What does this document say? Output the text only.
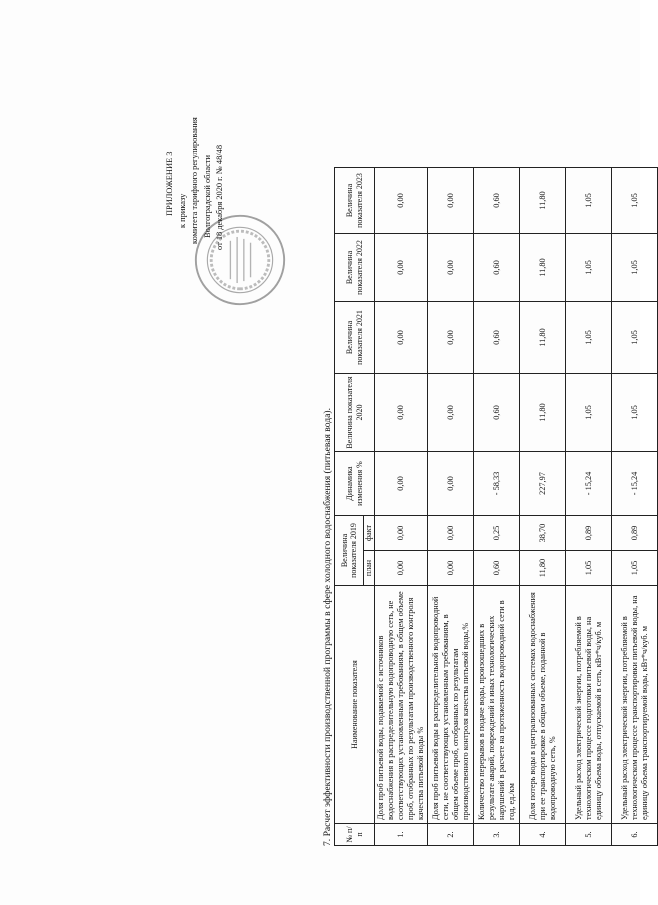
ПРИЛОЖЕНИЕ 3 к приказу комитета тарифного регулирования Волгоградской области от 18 декабря 2020 г. № 48/48
7. Расчет эффективности производственной программы в сфере холодного водоснабжения (питьевая вода). № п/п	Наименование показателя	Величина показателя 2019		Динамика изменения %	Величина показателя 2020	Величина показателя 2021	Величина показателя 2022	Величина показателя 2023
		план	факт					
1.	Доля проб питьевой воды, подаваемой с источников водоснабжения в распределительную водопроводную сеть, не соответствующих установленным требованиям, в общем объеме проб, отобранных по результатам производственного контроля качества питьевой воды %	0,00	0,00	0,00	0,00	0,00	0,00	0,00
2.	Доля проб питьевой воды в распределительной водопроводной сети, не соответствующих установленным требованиям, в общем объеме проб, отобранных по результатам производственного контроля качества питьевой воды,%	0,00	0,00	0,00	0,00	0,00	0,00	0,00
3.	Количество перерывов в подаче воды, произошедших в результате аварий, повреждений и иных технологических нарушений в расчете на протяженность водопроводной сети в год, ед./км	0,60	0,25	- 58,33	0,60	0,60	0,60	0,60
4.	Доля потерь воды в централизованных системах водоснабжения при ее транспортировке в общем объеме, поданной в водопроводную сеть, %	11,80	38,70	227,97	11,80	11,80	11,80	11,80
5.	Удельный расход электрической энергии, потребляемой в технологическом процессе подготовки питьевой воды, на единицу объема воды, отпускаемой в сеть, кВт*ч/куб. м	1,05	0,89	- 15,24	1,05	1,05	1,05	1,05
6.	Удельный расход электрической энергии, потребляемой в технологическом процессе транспортировки питьевой воды, на единицу объема транспортируемой воды, кВт*ч/куб. м	1,05	0,89	- 15,24	1,05	1,05	1,05	1,05
